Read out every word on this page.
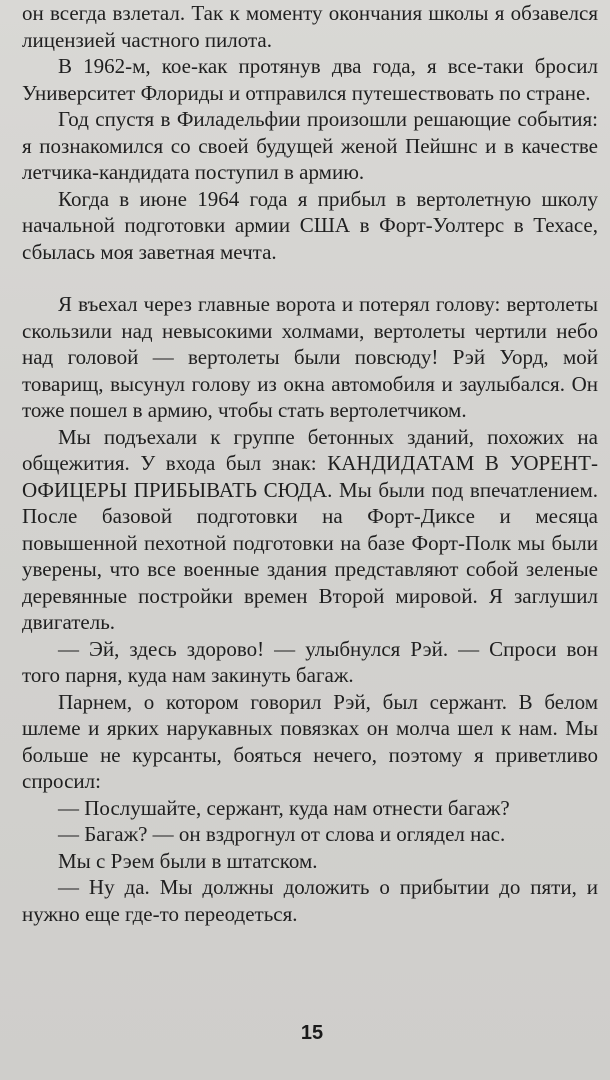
он всегда взлетал. Так к моменту окончания школы я обзавелся лицензией частного пилота.

В 1962-м, кое-как протянув два года, я все-таки бросил Университет Флориды и отправился путешествовать по стране.

Год спустя в Филадельфии произошли решающие события: я познакомился со своей будущей женой Пейшнс и в качестве летчика-кандидата поступил в армию.

Когда в июне 1964 года я прибыл в вертолетную школу начальной подготовки армии США в Форт-Уолтерс в Техасе, сбылась моя заветная мечта.

Я въехал через главные ворота и потерял голову: вертолеты скользили над невысокими холмами, вертолеты чертили небо над головой — вертолеты были повсюду! Рэй Уорд, мой товарищ, высунул голову из окна автомобиля и заулыбался. Он тоже пошел в армию, чтобы стать вертолетчиком.

Мы подъехали к группе бетонных зданий, похожих на общежития. У входа был знак: КАНДИДАТАМ В УОРЕНТ-ОФИЦЕРЫ ПРИБЫВАТЬ СЮДА. Мы были под впечатлением. После базовой подготовки на Форт-Диксе и месяца повышенной пехотной подготовки на базе Форт-Полк мы были уверены, что все военные здания представляют собой зеленые деревянные постройки времен Второй мировой. Я заглушил двигатель.

— Эй, здесь здорово! — улыбнулся Рэй. — Спроси вон того парня, куда нам закинуть багаж.

Парнем, о котором говорил Рэй, был сержант. В белом шлеме и ярких нарукавных повязках он молча шел к нам. Мы больше не курсанты, бояться нечего, поэтому я приветливо спросил:

— Послушайте, сержант, куда нам отнести багаж?

— Багаж? — он вздрогнул от слова и оглядел нас.

Мы с Рэем были в штатском.

— Ну да. Мы должны доложить о прибытии до пяти, и нужно еще где-то переодеться.

15
